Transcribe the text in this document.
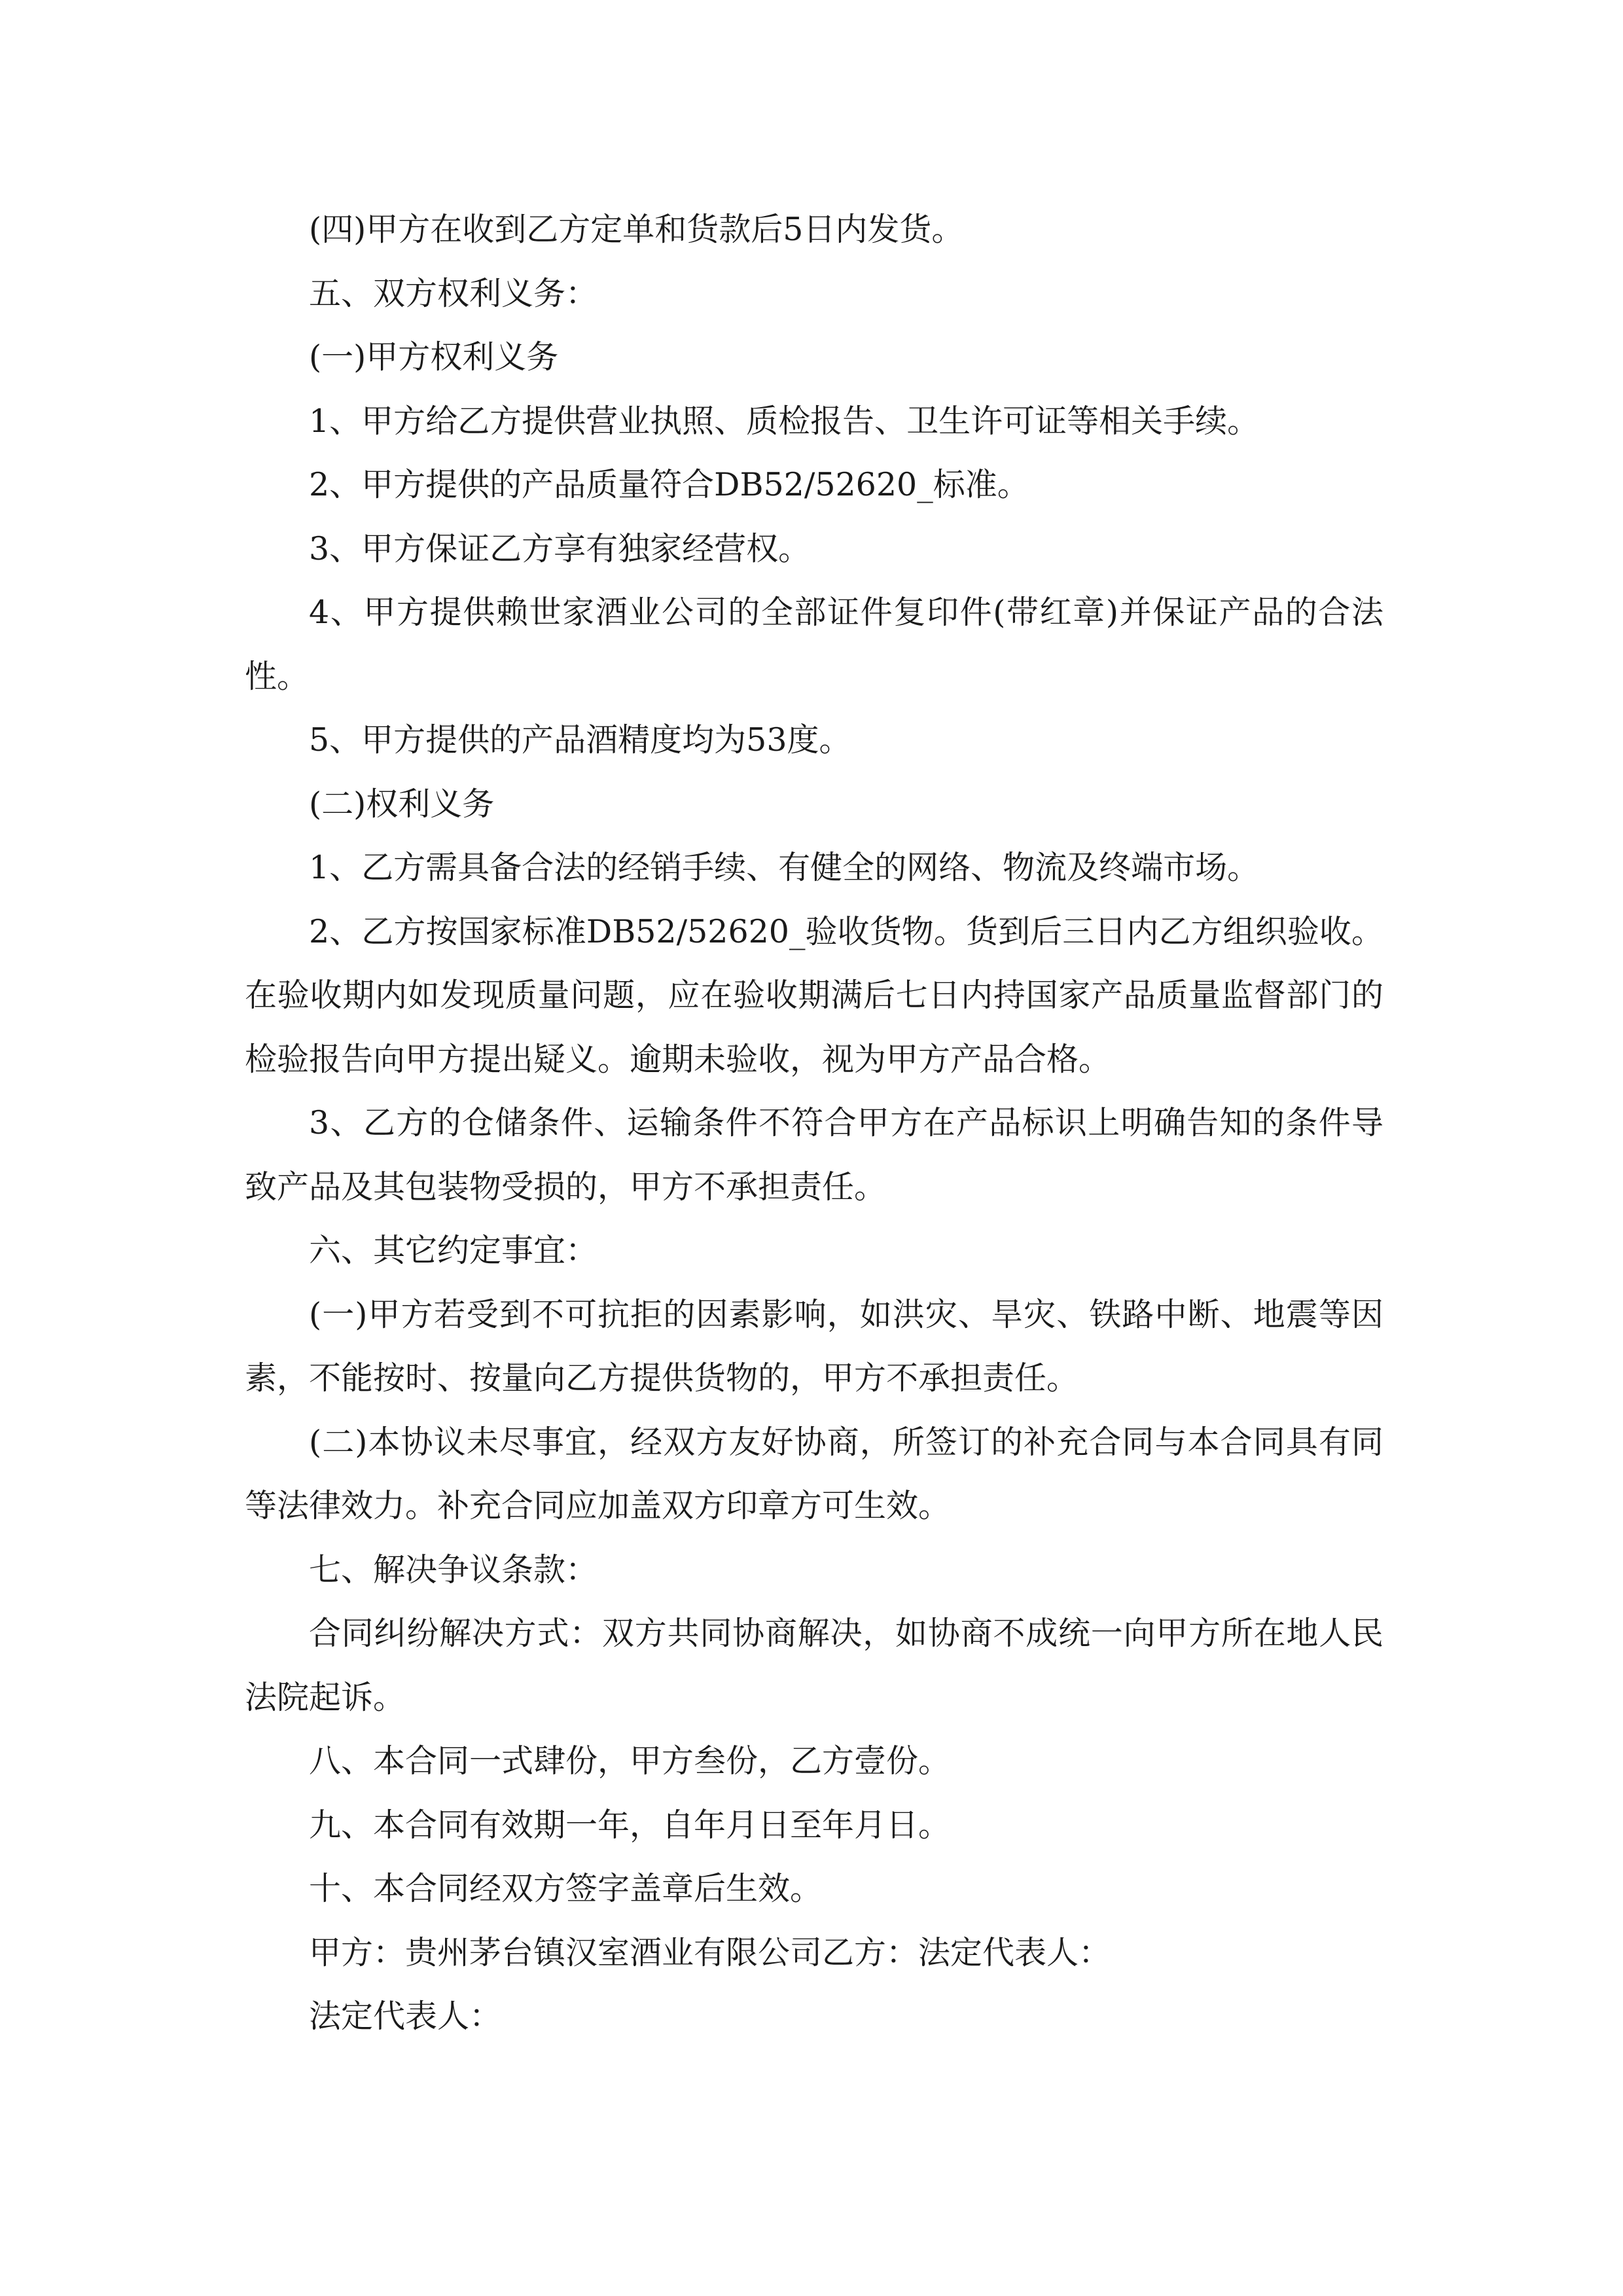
(四)甲方在收到乙方定单和货款后5日内发货。

五、双方权利义务：

(一)甲方权利义务

1、甲方给乙方提供营业执照、质检报告、卫生许可证等相关手续。

2、甲方提供的产品质量符合DB52/52620_标准。

3、甲方保证乙方享有独家经营权。

4、甲方提供赖世家酒业公司的全部证件复印件(带红章)并保证产品的合法性。

5、甲方提供的产品酒精度均为53度。

(二)权利义务

1、乙方需具备合法的经销手续、有健全的网络、物流及终端市场。

2、乙方按国家标准DB52/52620_验收货物。货到后三日内乙方组织验收。在验收期内如发现质量问题，应在验收期满后七日内持国家产品质量监督部门的检验报告向甲方提出疑义。逾期未验收，视为甲方产品合格。

3、乙方的仓储条件、运输条件不符合甲方在产品标识上明确告知的条件导致产品及其包装物受损的，甲方不承担责任。

六、其它约定事宜：

(一)甲方若受到不可抗拒的因素影响，如洪灾、旱灾、铁路中断、地震等因素，不能按时、按量向乙方提供货物的，甲方不承担责任。

(二)本协议未尽事宜，经双方友好协商，所签订的补充合同与本合同具有同等法律效力。补充合同应加盖双方印章方可生效。

七、解决争议条款：

合同纠纷解决方式：双方共同协商解决，如协商不成统一向甲方所在地人民法院起诉。

八、本合同一式肆份，甲方叁份，乙方壹份。

九、本合同有效期一年，自年月日至年月日。

十、本合同经双方签字盖章后生效。

甲方：贵州茅台镇汉室酒业有限公司乙方：法定代表人：

法定代表人：
